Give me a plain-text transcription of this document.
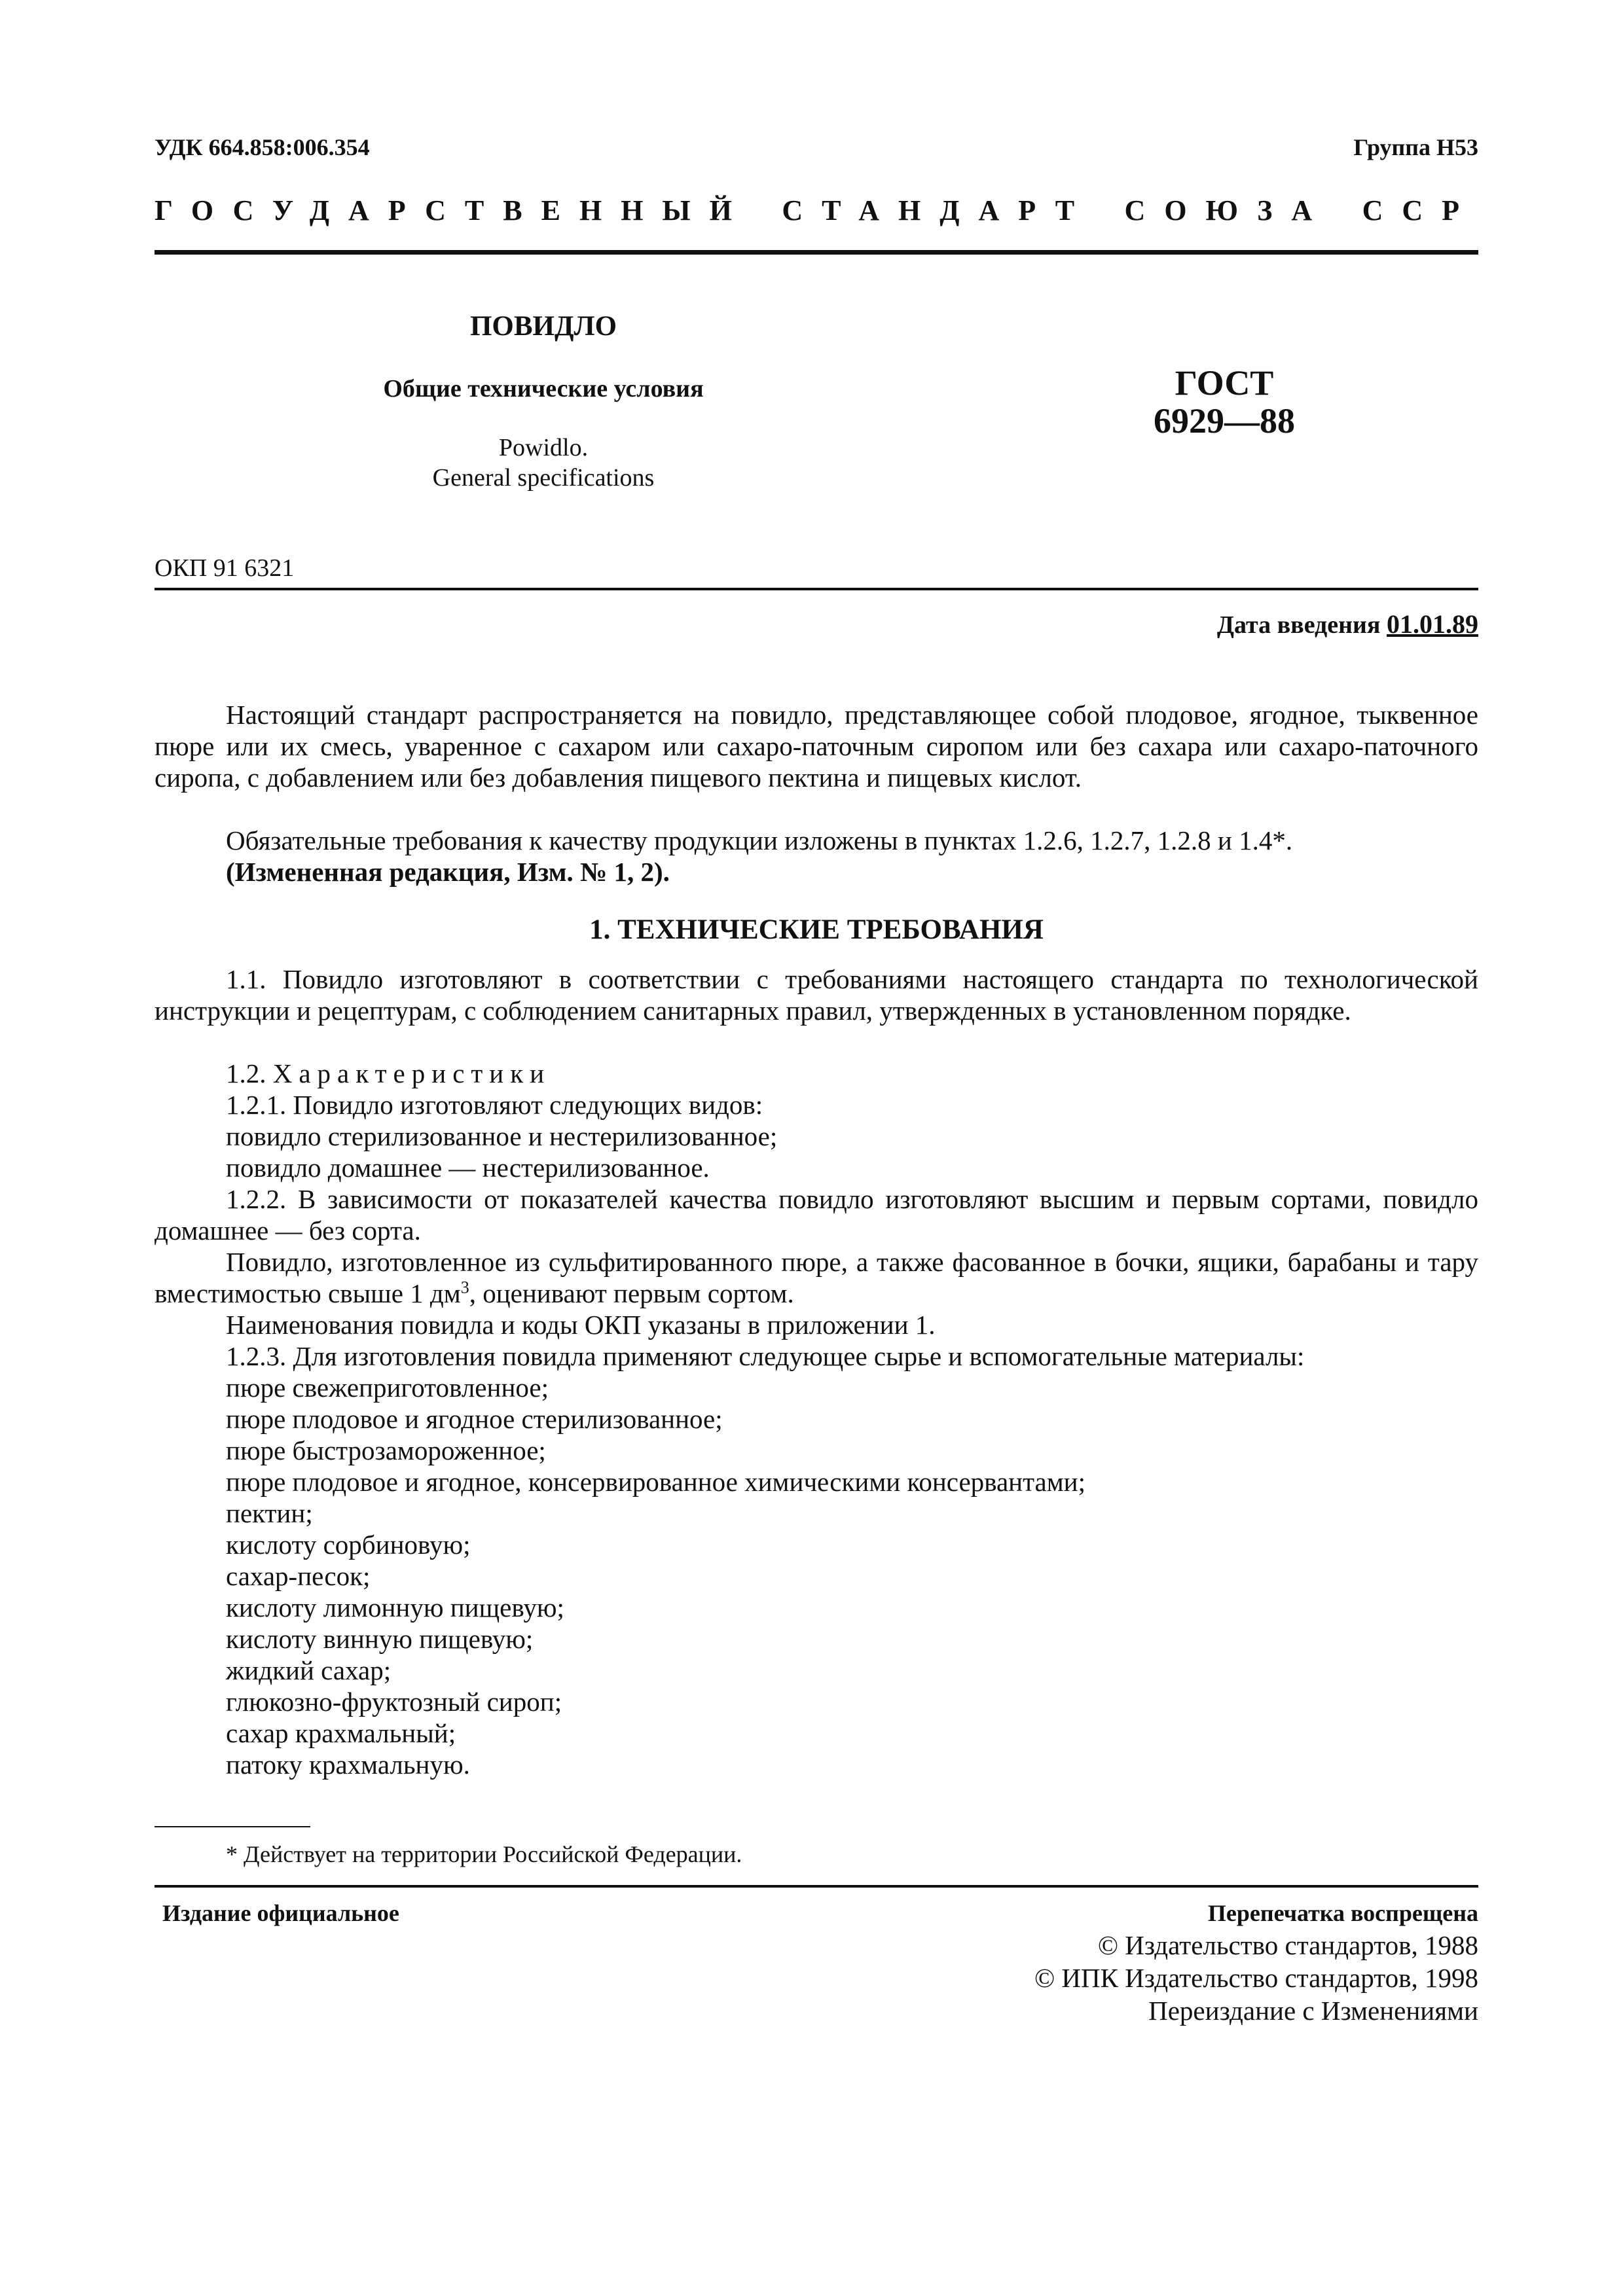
УДК 664.858:006.354	Группа Н53
ГОСУДАРСТВЕННЫЙ СТАНДАРТ СОЮЗА ССР
ПОВИДЛО
Общие технические условия
Powidlo.
General specifications
ГОСТ
6929—88
ОКП 91 6321
Дата введения 01.01.89

Настоящий стандарт распространяется на повидло, представляющее собой плодовое, ягодное, тыквенное пюре или их смесь, уваренное с сахаром или сахаро-паточным сиропом или без сахара или сахаро-паточного сиропа, с добавлением или без добавления пищевого пектина и пищевых кислот.

Обязательные требования к качеству продукции изложены в пунктах 1.2.6, 1.2.7, 1.2.8 и 1.4*.

(Измененная редакция, Изм. № 1, 2).

1. ТЕХНИЧЕСКИЕ ТРЕБОВАНИЯ

1.1. Повидло изготовляют в соответствии с требованиями настоящего стандарта по технологической инструкции и рецептурам, с соблюдением санитарных правил, утвержденных в установленном порядке.

1.2. Характеристики
1.2.1. Повидло изготовляют следующих видов:
повидло стерилизованное и нестерилизованное;
повидло домашнее — нестерилизованное.

1.2.2. В зависимости от показателей качества повидло изготовляют высшим и первым сортами, повидло домашнее — без сорта.

Повидло, изготовленное из сульфитированного пюре, а также фасованное в бочки, ящики, барабаны и тару вместимостью свыше 1 $дм^3$, оценивают первым сортом.

Наименования повидла и коды ОКП указаны в приложении 1.
1.2.3. Для изготовления повидла применяют следующее сырье и вспомогательные материалы:
пюре свежеприготовленное;
пюре плодовое и ягодное стерилизованное;
пюре быстрозамороженное;
пюре плодовое и ягодное, консервированное химическими консервантами;
пектин;
кислоту сорбиновую;
сахар-песок;
кислоту лимонную пищевую;
кислоту винную пищевую;
жидкий сахар;
глюкозно-фруктозный сироп;
сахар крахмальный;
патоку крахмальную.
* Действует на территории Российской Федерации.
Издание официальное	Перепечатка воспрещена
© Издательство стандартов, 1988
© ИПК Издательство стандартов, 1998
Переиздание с Изменениями
